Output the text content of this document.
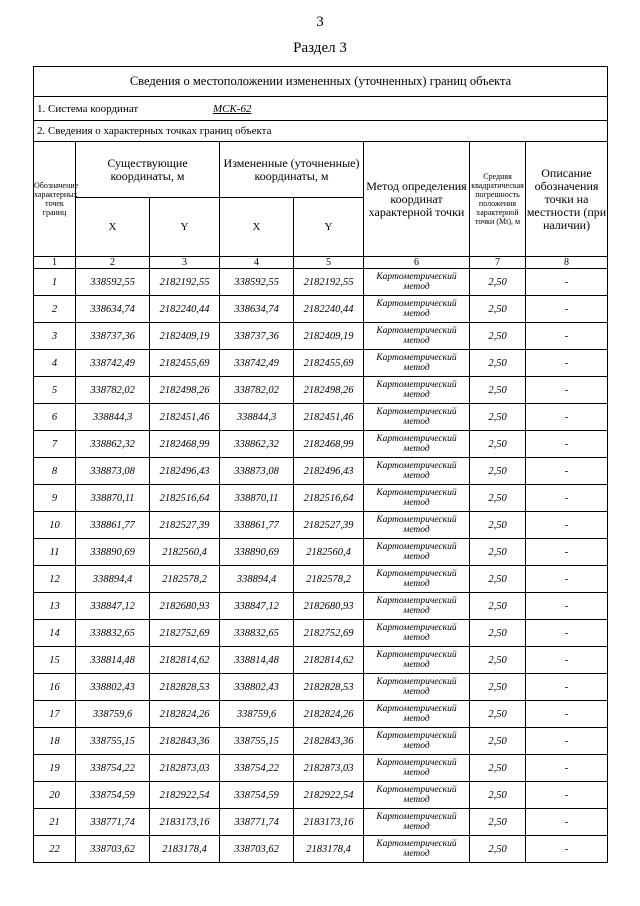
3
Раздел 3
Сведения о местоположении измененных (уточненных) границ объекта							
1. Система координат МСК-62							
2. Сведения о характерных точках границ объекта							
Обозначение характерных точек границ	Существующие координаты, м		Измененные (уточненные) координаты, м		Метод определения координат характерной точки	Средняя квадратическая погрешность положения характерной точки (Mt), м	Описание обозначения точки на местности (при наличии)
	X	Y	X	Y			
1	2	3	4	5	6	7	8
1	338592,55	2182192,55	338592,55	2182192,55	Картометрический метод	2,50	-
2	338634,74	2182240,44	338634,74	2182240,44	Картометрический метод	2,50	-
3	338737,36	2182409,19	338737,36	2182409,19	Картометрический метод	2,50	-
4	338742,49	2182455,69	338742,49	2182455,69	Картометрический метод	2,50	-
5	338782,02	2182498,26	338782,02	2182498,26	Картометрический метод	2,50	-
6	338844,3	2182451,46	338844,3	2182451,46	Картометрический метод	2,50	-
7	338862,32	2182468,99	338862,32	2182468,99	Картометрический метод	2,50	-
8	338873,08	2182496,43	338873,08	2182496,43	Картометрический метод	2,50	-
9	338870,11	2182516,64	338870,11	2182516,64	Картометрический метод	2,50	-
10	338861,77	2182527,39	338861,77	2182527,39	Картометрический метод	2,50	-
11	338890,69	2182560,4	338890,69	2182560,4	Картометрический метод	2,50	-
12	338894,4	2182578,2	338894,4	2182578,2	Картометрический метод	2,50	-
13	338847,12	2182680,93	338847,12	2182680,93	Картометрический метод	2,50	-
14	338832,65	2182752,69	338832,65	2182752,69	Картометрический метод	2,50	-
15	338814,48	2182814,62	338814,48	2182814,62	Картометрический метод	2,50	-
16	338802,43	2182828,53	338802,43	2182828,53	Картометрический метод	2,50	-
17	338759,6	2182824,26	338759,6	2182824,26	Картометрический метод	2,50	-
18	338755,15	2182843,36	338755,15	2182843,36	Картометрический метод	2,50	-
19	338754,22	2182873,03	338754,22	2182873,03	Картометрический метод	2,50	-
20	338754,59	2182922,54	338754,59	2182922,54	Картометрический метод	2,50	-
21	338771,74	2183173,16	338771,74	2183173,16	Картометрический метод	2,50	-
22	338703,62	2183178,4	338703,62	2183178,4	Картометрический метод	2,50	-
